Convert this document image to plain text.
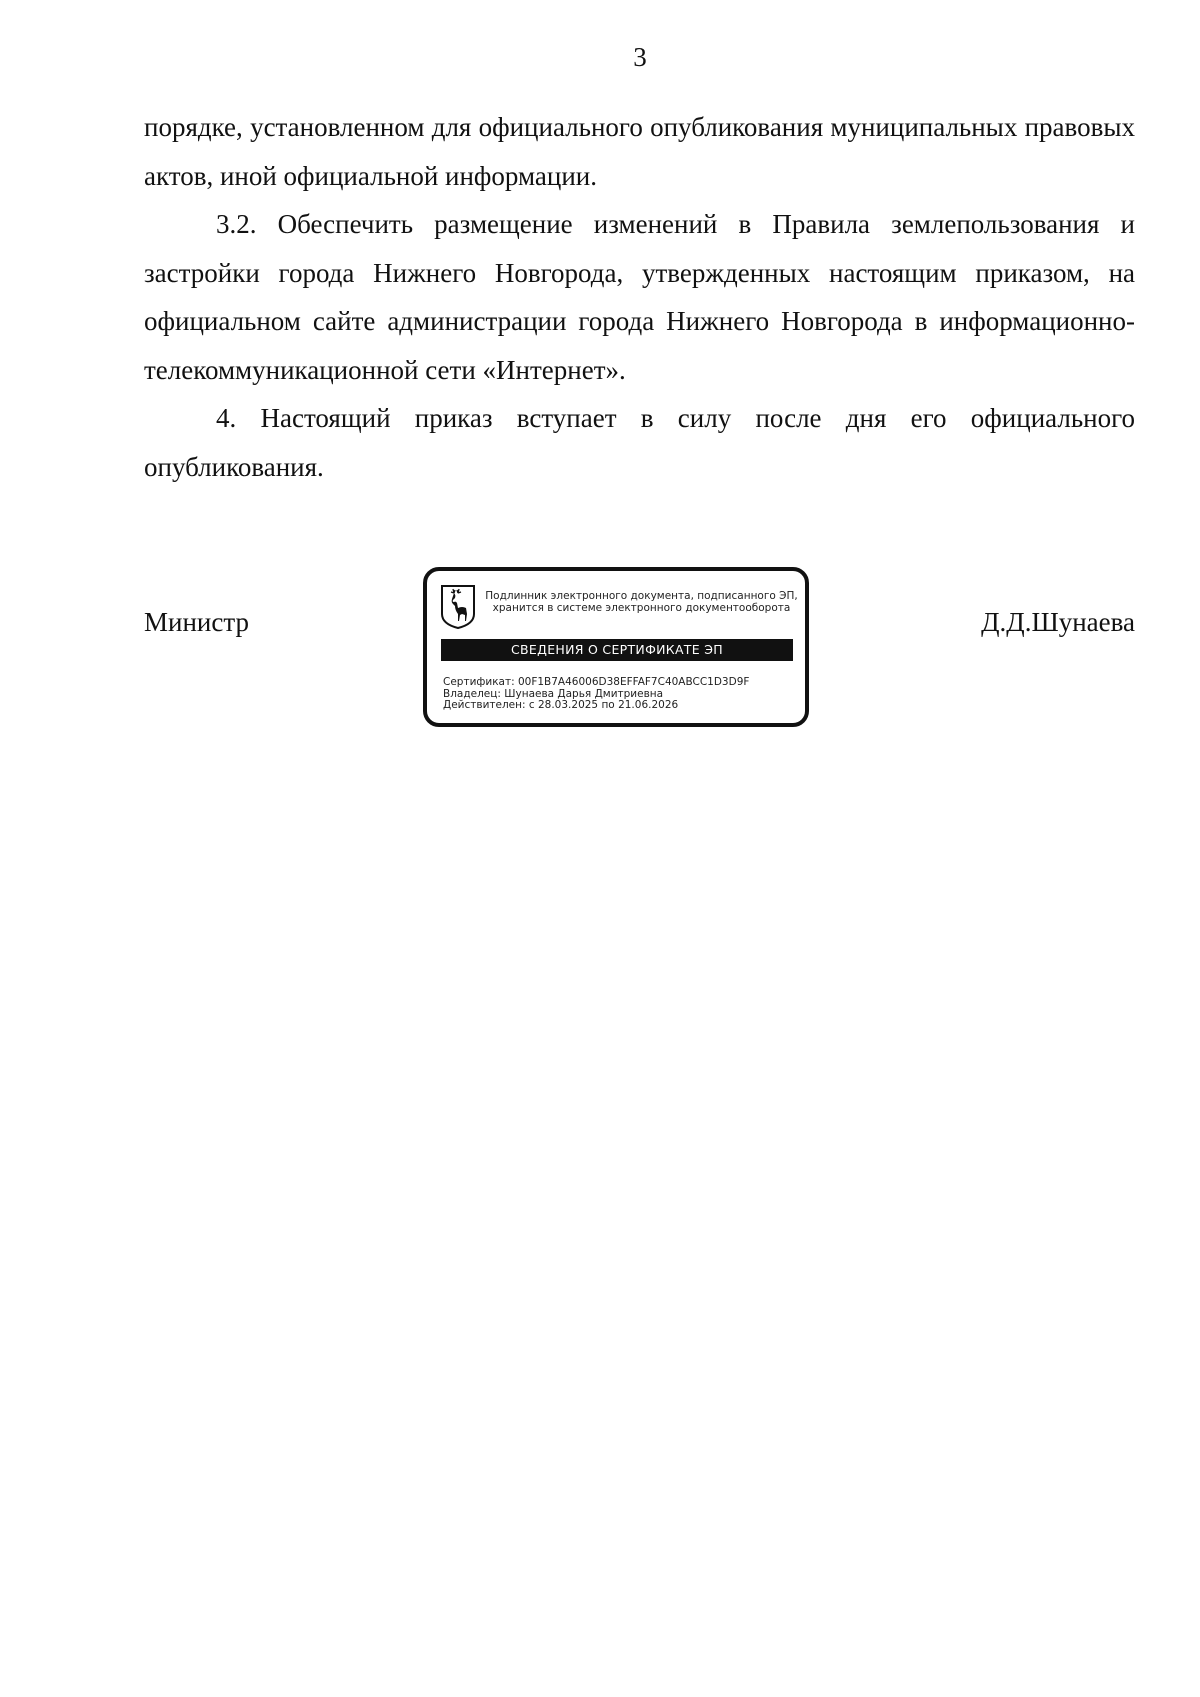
3

порядке, установленном для официального опубликования муниципальных правовых актов, иной официальной информации.

3.2. Обеспечить размещение изменений в Правила землепользования и застройки города Нижнего Новгорода, утвержденных настоящим приказом, на официальном сайте администрации города Нижнего Новгорода в информационно-телекоммуникационной сети «Интернет».

4. Настоящий приказ вступает в силу после дня его официального опубликования.

Министр	Д.Д.Шунаева
Подлинник электронного документа, подписанного ЭП,
хранится в системе электронного документооборота
СВЕДЕНИЯ О СЕРТИФИКАТЕ ЭП
Сертификат: 00F1B7A46006D38EFFAF7C40ABCC1D3D9F
Владелец: Шунаева Дарья Дмитриевна
Действителен: с 28.03.2025 по 21.06.2026
